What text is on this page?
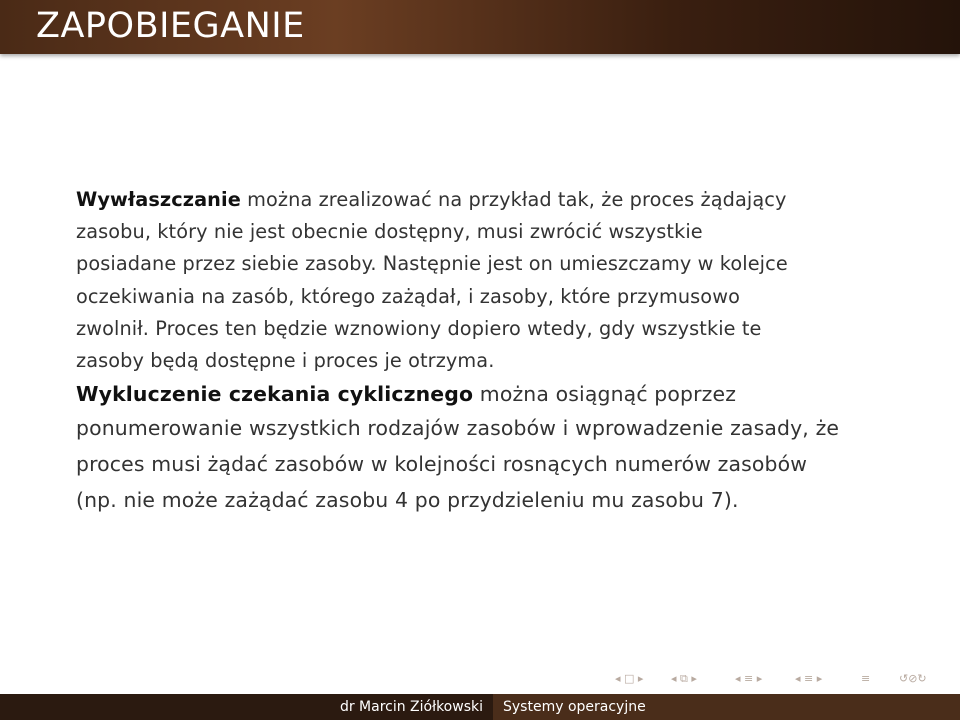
ZAPOBIEGANIE

Wywłaszczanie można zrealizować na przykład tak, że proces żądający
zasobu, który nie jest obecnie dostępny, musi zwrócić wszystkie
posiadane przez siebie zasoby. Następnie jest on umieszczamy w kolejce
oczekiwania na zasób, którego zażądał, i zasoby, które przymusowo
zwolnił. Proces ten będzie wznowiony dopiero wtedy, gdy wszystkie te
zasoby będą dostępne i proces je otrzyma.

Wykluczenie czekania cyklicznego można osiągnąć poprzez
ponumerowanie wszystkich rodzajów zasobów i wprowadzenie zasady, że
proces musi żądać zasobów w kolejności rosnących numerów zasobów
(np. nie może zażądać zasobu 4 po przydzieleniu mu zasobu 7).

◂ □ ▸	◂ ⧉ ▸	◂ ≡ ▸	◂ ≡ ▸	≡	↺⊘↻
dr Marcin Ziółkowski Systemy operacyjne
